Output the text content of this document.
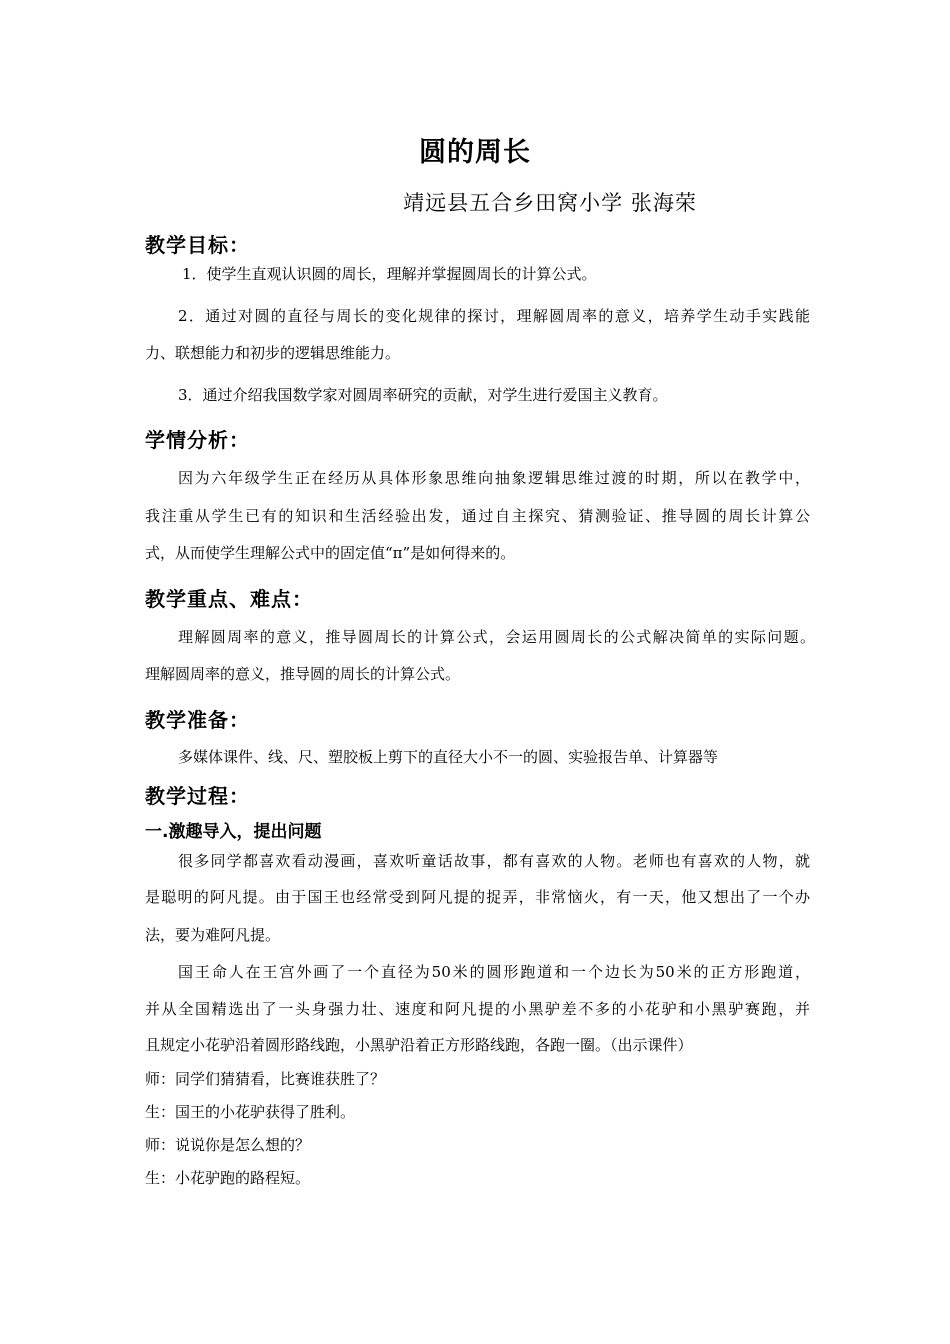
圆的周长
靖远县五合乡田窝小学 张海荣
教学目标：
1．使学生直观认识圆的周长，理解并掌握圆周长的计算公式。
2．通过对圆的直径与周长的变化规律的探讨，理解圆周率的意义，培养学生动手实践能
力、联想能力和初步的逻辑思维能力。
3．通过介绍我国数学家对圆周率研究的贡献，对学生进行爱国主义教育。
学情分析：
因为六年级学生正在经历从具体形象思维向抽象逻辑思维过渡的时期，所以在教学中，
我注重从学生已有的知识和生活经验出发，通过自主探究、猜测验证、推导圆的周长计算公
式，从而使学生理解公式中的固定值“π”是如何得来的。
教学重点、难点：
理解圆周率的意义，推导圆周长的计算公式，会运用圆周长的公式解决简单的实际问题。
理解圆周率的意义，推导圆的周长的计算公式。
教学准备：
多媒体课件、线、尺、塑胶板上剪下的直径大小不一的圆、实验报告单、计算器等
教学过程：
一.激趣导入，提出问题
很多同学都喜欢看动漫画，喜欢听童话故事，都有喜欢的人物。老师也有喜欢的人物，就
是聪明的阿凡提。由于国王也经常受到阿凡提的捉弄，非常恼火，有一天，他又想出了一个办
法，要为难阿凡提。
国王命人在王宫外画了一个直径为50米的圆形跑道和一个边长为50米的正方形跑道，
并从全国精选出了一头身强力壮、速度和阿凡提的小黑驴差不多的小花驴和小黑驴赛跑，并
且规定小花驴沿着圆形路线跑，小黑驴沿着正方形路线跑，各跑一圈。（出示课件）
师：同学们猜猜看，比赛谁获胜了？
生：国王的小花驴获得了胜利。
师：说说你是怎么想的？
生：小花驴跑的路程短。
